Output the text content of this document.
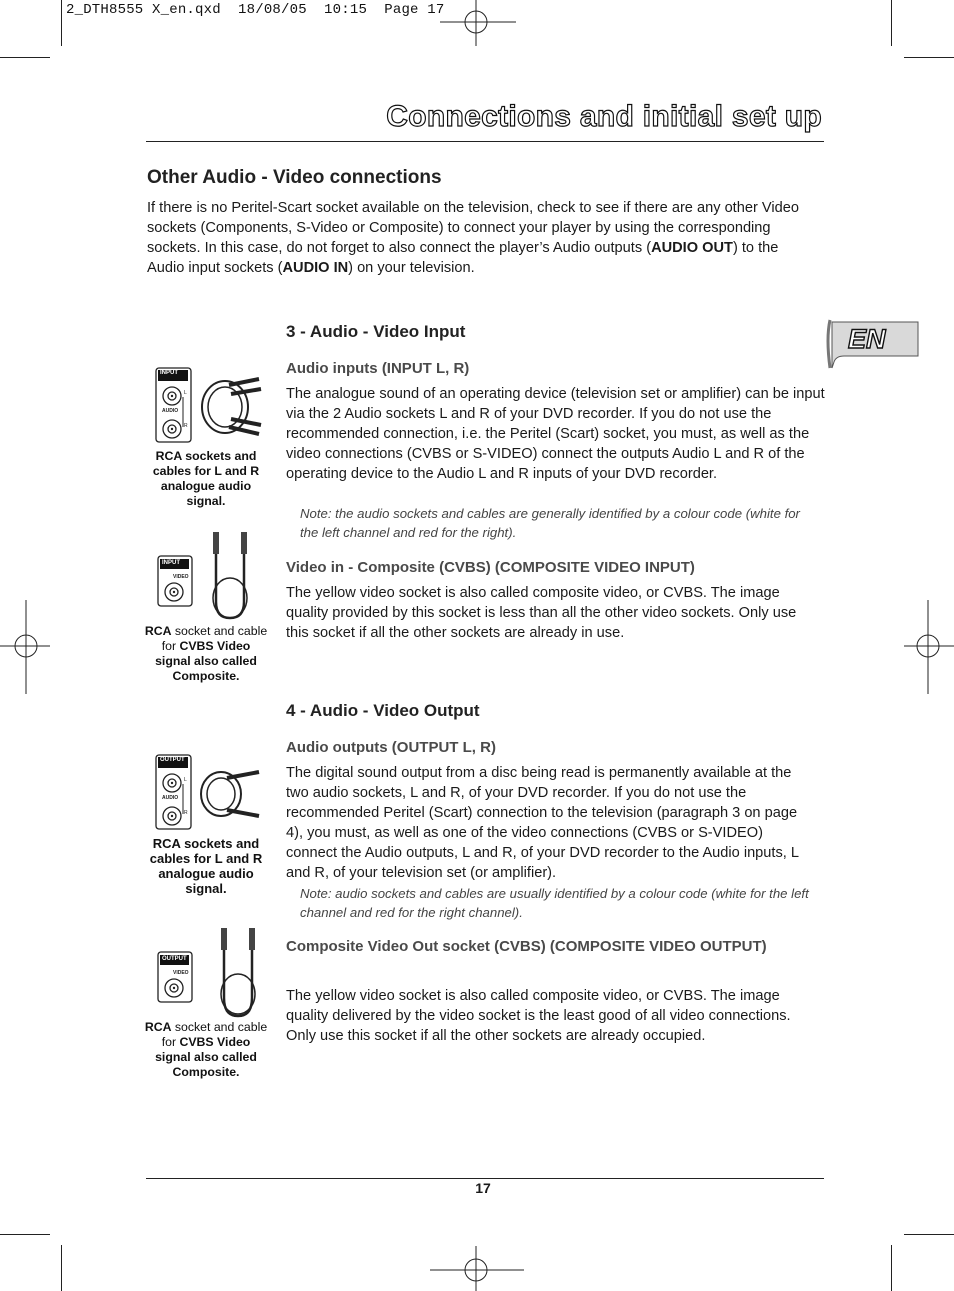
2_DTH8555 X_en.qxd  18/08/05  10:15  Page 17
Connections and initial set up
EN
Other Audio - Video connections
If there is no Peritel-Scart socket available on the television, check to see if there are any other Video sockets (Components, S-Video or Composite) to connect your player by using the corresponding sockets. In this case, do not forget to also connect the player’s Audio outputs (AUDIO OUT) to the Audio input sockets (AUDIO IN) on your television.
3 - Audio - Video Input
Audio inputs (INPUT L, R)
The analogue sound of an operating device (television set or amplifier) can be input via the 2 Audio sockets L and R of your DVD recorder. If you do not use the recommended connection, i.e. the Peritel (Scart) socket, you must, as well as the video connections (CVBS or S-VIDEO) connect the outputs Audio L and R of the operating device to the Audio L and R inputs of your DVD recorder.
Note: the audio sockets and cables are generally identified by a colour code (white for the left channel and red for the right).
Video in - Composite (CVBS) (COMPOSITE VIDEO INPUT)
The yellow video socket is also called composite video, or CVBS. The image quality provided by this socket is less than all the other video sockets. Only use this socket if all the other sockets are already in use.
4 - Audio - Video Output
Audio outputs (OUTPUT L, R)
The digital sound output from a disc being read is permanently available at the two audio sockets, L and R, of your DVD recorder. If you do not use the recommended Peritel (Scart) connection to the television (paragraph 3 on page 4), you must, as well as one of the video connections (CVBS or S-VIDEO) connect the Audio outputs, L and R, of your DVD recorder to the Audio inputs, L and R, of your television set (or amplifier).
Note: audio sockets and cables are usually identified by a colour code (white for the left channel and red for the right channel).
Composite Video Out socket (CVBS) (COMPOSITE VIDEO OUTPUT)
The yellow video socket is also called composite video, or CVBS. The image quality delivered by the video socket is the least good of all video connections. Only use this socket if all the other sockets are already occupied.
INPUT
AUDIO
L
R
RCA sockets and cables for L and R analogue audio signal.
INPUT
VIDEO
RCA socket and cable for CVBS Video signal also called Composite.
OUTPUT
AUDIO
L
R
RCA sockets and cables for L and R analogue audio signal.
OUTPUT
VIDEO
RCA socket and cable for CVBS Video signal also called Composite.
17
